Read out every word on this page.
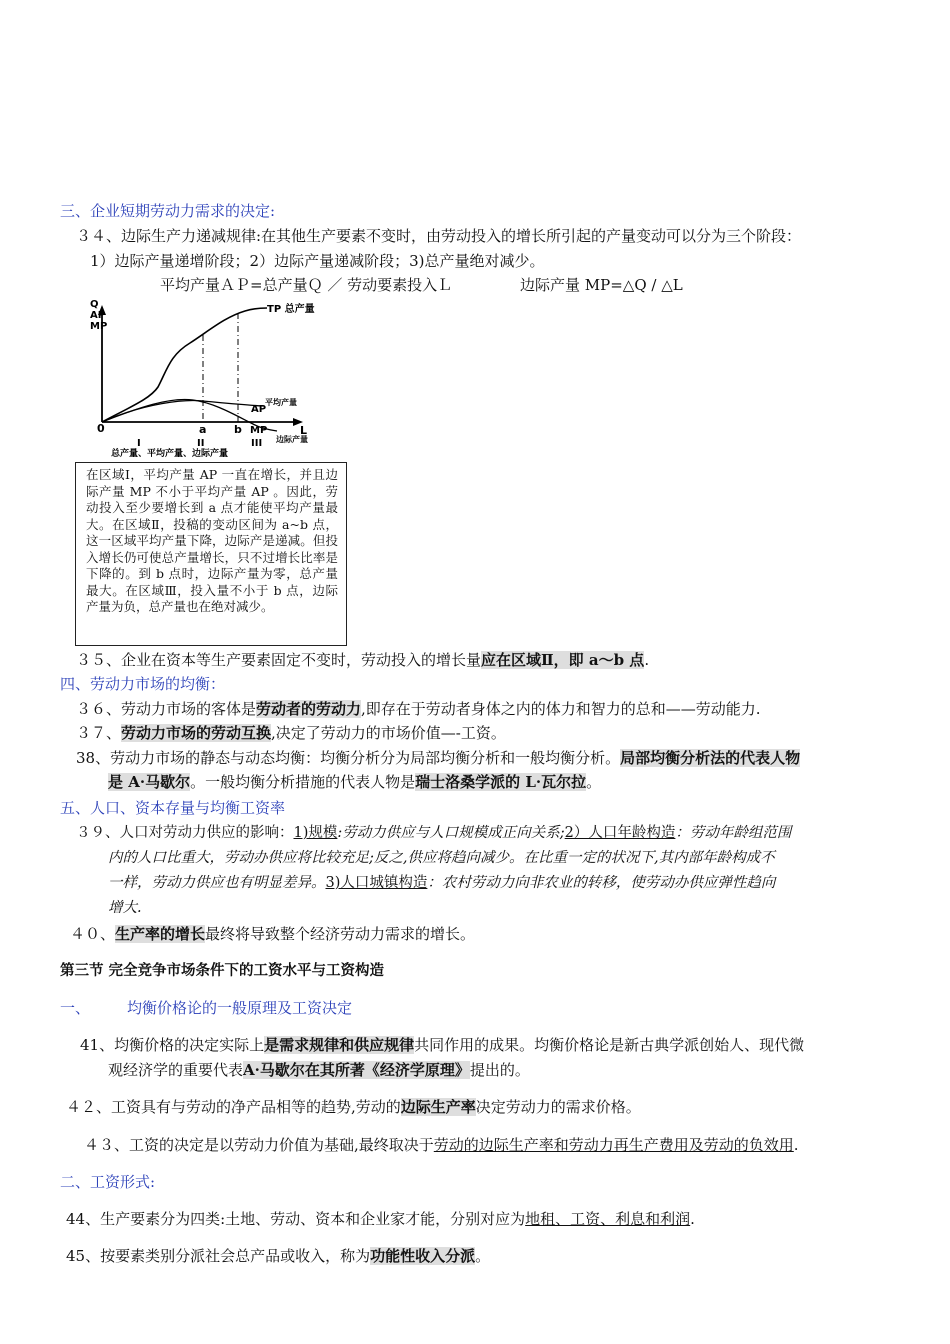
三、企业短期劳动力需求的决定:
３４、边际生产力递减规律:在其他生产要素不变时，由劳动投入的增长所引起的产量变动可以分为三个阶段：
1）边际产量递增阶段；2）边际产量递减阶段；3)总产量绝对减少。
平均产量ＡＰ=总产量Ｑ ／ 劳动要素投入Ｌ	边际产量 MP=△Q / △L
Q
AP
MP
TP 总产量
AP
平均产量
MP
边际产量
0	a	b	L
I	II	III
总产量、平均产量、边际产量
在区域Ⅰ，平均产量 AP 一直在增长，并且边际产量 MP 不小于平均产量 AP 。因此，劳动投入至少要增长到 a 点才能使平均产量最大。在区域Ⅱ，投稿的变动区间为 a~b 点，这一区域平均产量下降，边际产是递减。但投入增长仍可使总产量增长，只不过增长比率是下降的。到 b 点时，边际产量为零，总产量最大。在区域Ⅲ，投入量不小于 b 点，边际产量为负，总产量也在绝对减少。
３５、企业在资本等生产要素固定不变时，劳动投入的增长量应在区域Ⅱ，即 a～b 点.
四、劳动力市场的均衡：
３６、劳动力市场的客体是劳动者的劳动力,即存在于劳动者身体之内的体力和智力的总和——劳动能力.
３７、劳动力市场的劳动互换,决定了劳动力的市场价值—-工资。
38、劳动力市场的静态与动态均衡：均衡分析分为局部均衡分析和一般均衡分析。局部均衡分析法的代表人物
是 A·马歇尔。一般均衡分析措施的代表人物是瑞士洛桑学派的 L·瓦尔拉。
五、人口、资本存量与均衡工资率
３９、人口对劳动力供应的影响：1)规模:劳动力供应与人口规模成正向关系;2）人口年龄构造：劳动年龄组范围
内的人口比重大，劳动办供应将比较充足;反之,供应将趋向减少。在比重一定的状况下,其内部年龄构成不
一样，劳动力供应也有明显差异。3)人口城镇构造：农村劳动力向非农业的转移，使劳动办供应弹性趋向
增大.
４０、生产率的增长最终将导致整个经济劳动力需求的增长。
第三节 完全竞争市场条件下的工资水平与工资构造
一、 均衡价格论的一般原理及工资决定
41、均衡价格的决定实际上是需求规律和供应规律共同作用的成果。均衡价格论是新古典学派创始人、现代微
观经济学的重要代表A·马歇尔在其所著《经济学原理》提出的。
４２、工资具有与劳动的净产品相等的趋势,劳动的边际生产率决定劳动力的需求价格。
４３、工资的决定是以劳动力价值为基础,最终取决于劳动的边际生产率和劳动力再生产费用及劳动的负效用.
二、工资形式:
44、生产要素分为四类:土地、劳动、资本和企业家才能，分别对应为地租、工资、利息和利润.
45、按要素类别分派社会总产品或收入，称为功能性收入分派。
